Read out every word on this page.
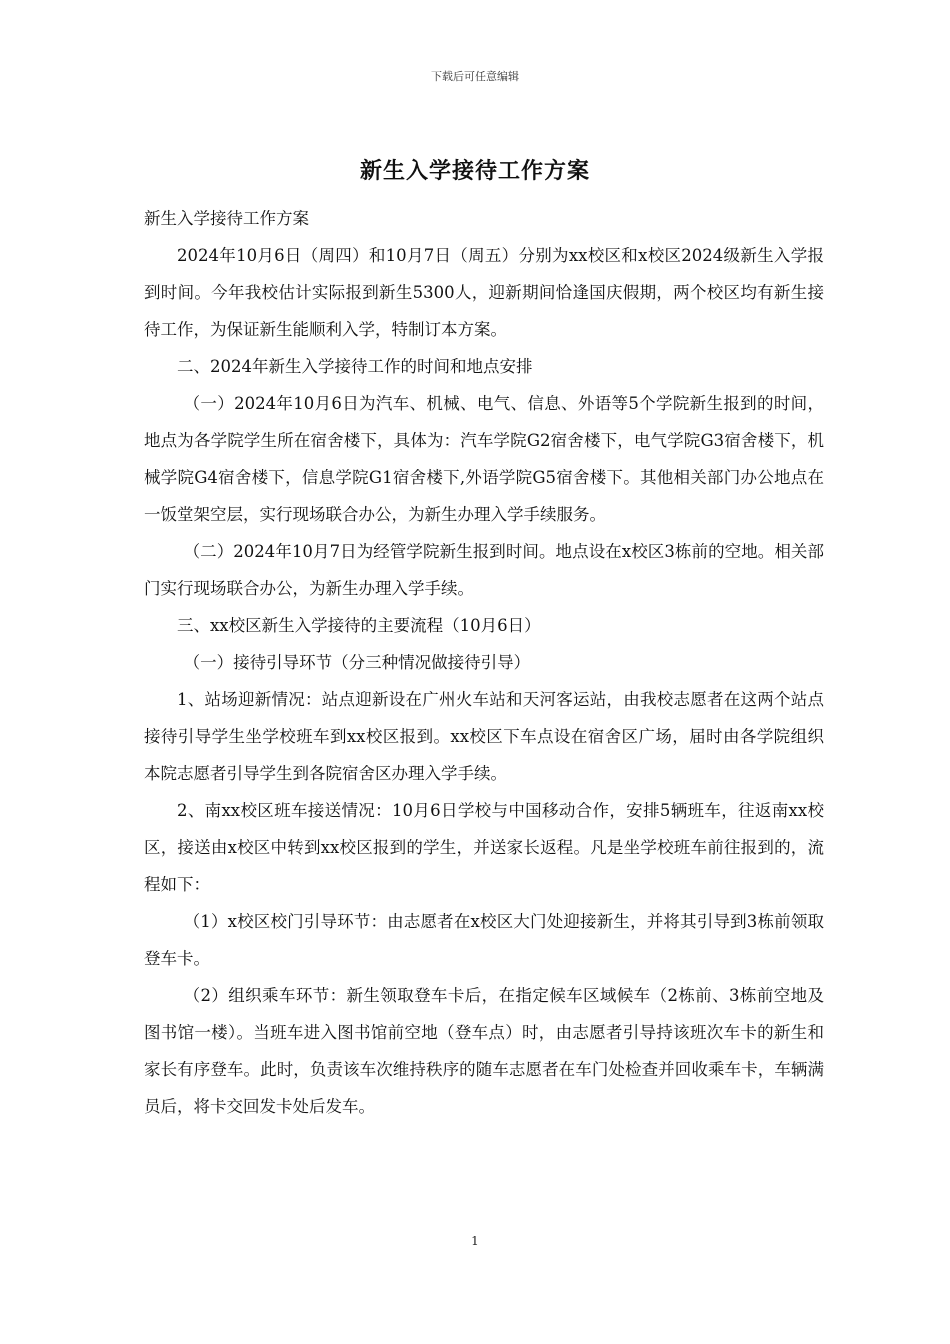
下载后可任意编辑
新生入学接待工作方案

新生入学接待工作方案

2024年10月6日（周四）和10月7日（周五）分别为xx校区和x校区2024级新生入学报到时间。今年我校估计实际报到新生5300人，迎新期间恰逢国庆假期，两个校区均有新生接待工作，为保证新生能顺利入学，特制订本方案。

二、2024年新生入学接待工作的时间和地点安排

（一）2024年10月6日为汽车、机械、电气、信息、外语等5个学院新生报到的时间，地点为各学院学生所在宿舍楼下，具体为：汽车学院G2宿舍楼下，电气学院G3宿舍楼下，机械学院G4宿舍楼下，信息学院G1宿舍楼下,外语学院G5宿舍楼下。其他相关部门办公地点在一饭堂架空层，实行现场联合办公，为新生办理入学手续服务。

（二）2024年10月7日为经管学院新生报到时间。地点设在x校区3栋前的空地。相关部门实行现场联合办公，为新生办理入学手续。

三、xx校区新生入学接待的主要流程（10月6日）

（一）接待引导环节（分三种情况做接待引导）

1、站场迎新情况：站点迎新设在广州火车站和天河客运站，由我校志愿者在这两个站点接待引导学生坐学校班车到xx校区报到。xx校区下车点设在宿舍区广场，届时由各学院组织本院志愿者引导学生到各院宿舍区办理入学手续。

2、南xx校区班车接送情况：10月6日学校与中国移动合作，安排5辆班车，往返南xx校区，接送由x校区中转到xx校区报到的学生，并送家长返程。凡是坐学校班车前往报到的，流程如下：

（1）x校区校门引导环节：由志愿者在x校区大门处迎接新生，并将其引导到3栋前领取登车卡。

（2）组织乘车环节：新生领取登车卡后，在指定候车区域候车（2栋前、3栋前空地及图书馆一楼）。当班车进入图书馆前空地（登车点）时，由志愿者引导持该班次车卡的新生和家长有序登车。此时，负责该车次维持秩序的随车志愿者在车门处检查并回收乘车卡，车辆满员后，将卡交回发卡处后发车。

1
